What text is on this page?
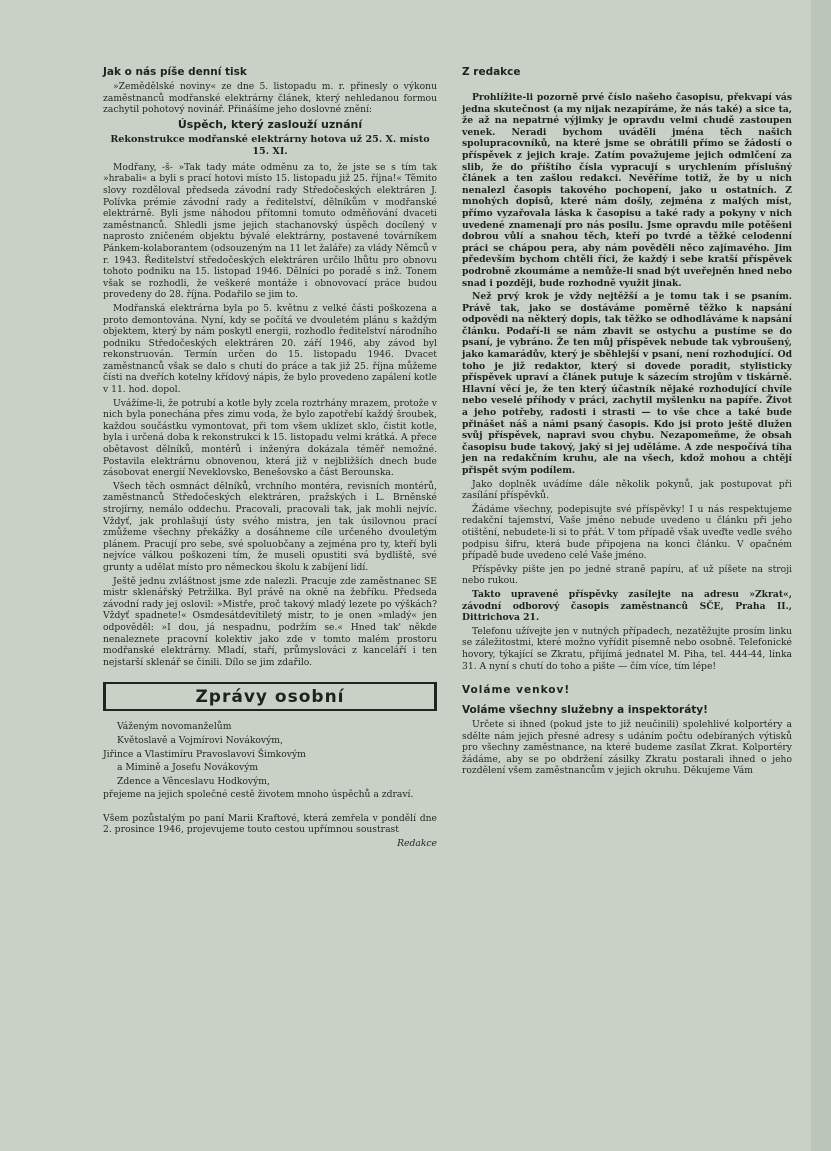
Jak o nás píše denní tisk

»Zemědělské noviny« ze dne 5. listopadu m. r. přinesly o výkonu zaměstnanců modřanské elektrárny článek, který nehledanou formou zachytil pohotový novinář. Přinášíme jeho doslovné znění:

Úspěch, který zaslouží uznání
Rekonstrukce modřanské elektrárny hotova už 25. X. místo 15. XI.

Modřany, -š- »Tak tady máte odměnu za to, že jste se s tím tak »hrabali« a byli s prací hotovi místo 15. listopadu již 25. října!« Těmito slovy rozděloval předseda závodní rady Středočeských elektráren J. Polívka prémie závodní rady a ředitelství, dělníkům v modřanské elektrárně. Byli jsme náhodou přítomni tomuto odměňování dvaceti zaměstnanců. Shledli jsme jejich stachanovský úspěch docílený v naprosto zničeném objektu bývalé elektrárny, postavené továrníkem Pánkem-kolaborantem (odsouzeným na 11 let žaláře) za vlády Němců v r. 1943. Ředitelství středočeských elektráren určilo lhůtu pro obnovu tohoto podniku na 15. listopad 1946. Dělníci po poradě s inž. Tonem však se rozhodli, že veškeré montáže i obnovovací práce budou provedeny do 28. října. Podařilo se jim to.

Modřanská elektrárna byla po 5. květnu z velké části poškozena a proto demontována. Nyní, kdy se počítá ve dvouletém plánu s každým objektem, který by nám poskytl energii, rozhodlo ředitelství národního podniku Středočeských elektráren 20. září 1946, aby závod byl rekonstruován. Termín určen do 15. listopadu 1946. Dvacet zaměstnanců však se dalo s chutí do práce a tak již 25. října můžeme čísti na dveřích kotelny křídový nápis, že bylo provedeno zapálení kotle v 11. hod. dopol.

Uvážíme-li, že potrubí a kotle byly zcela roztrhány mrazem, protože v nich byla ponechána přes zimu voda, že bylo zapotřebí každý šroubek, každou součástku vymontovat, při tom všem uklízet sklo, čistit kotle, byla i určená doba k rekonstrukci k 15. listopadu velmi krátká. A přece obětavost dělníků, montérů i inženýra dokázala téměř nemožné. Postavila elektrárnu obnovenou, která již v nejbližších dnech bude zásobovat energií Neveklovsko, Benešovsko a část Berounska.

Všech těch osmnáct dělníků, vrchního montéra, revisních montérů, zaměstnanců Středočeských elektráren, pražských i L. Brněnské strojírny, nemálo oddechu. Pracovali, pracovali tak, jak mohli nejvíc. Vždyť, jak prohlašují ústy svého mistra, jen tak úsilovnou prací zmůžeme všechny překážky a dosáhneme cíle určeného dvouletým plánem. Pracují pro sebe, své spoluobčany a zejména pro ty, kteří byli nejvíce válkou poškozeni tím, že museli opustiti svá bydliště, své grunty a udělat místo pro německou školu k zabíjení lidí.

Ještě jednu zvláštnost jsme zde nalezli. Pracuje zde zaměstnanec SE mistr sklenářský Petržilka. Byl právě na okně na žebříku. Předseda závodní rady jej oslovil: »Mistře, proč takový mladý lezete po výškách? Vždyť spadnete!« Osmdesátdevítiletý mistr, to je onen »mladý« jen odpověděl: »I dou, já nespadnu, podržím se.« Hned tak' někde nenaleznete pracovní kolektiv jako zde v tomto malém prostoru modřanské elektrárny. Mladí, staří, průmyslováci z kanceláří i ten nejstarší sklenář se činili. Dílo se jim zdařilo.

Zprávy osobní

Váženým novomanželům

Květoslavě a Vojmírovi Novákovým,

Jiřince a Vlastimíru Pravoslavovi Šimkovým

a Mimině a Josefu Novákovým

Zdence a Věnceslavu Hodkovým,

přejeme na jejich společné cestě životem mnoho úspěchů a zdraví.

Všem pozůstalým po paní Marii Kraftové, která zemřela v pondělí dne 2. prosince 1946, projevujeme touto cestou upřímnou soustrast

Redakce

Z redakce

Prohlížite-li pozorně prvé číslo našeho časopisu, překvapí vás jedna skutečnost (a my nijak nezapíráme, že nás také) a sice ta, že až na nepatrné výjimky je opravdu velmi chudě zastoupen venek. Neradi bychom uváděli jména těch našich spolupracovníků, na které jsme se obrátili přímo se žádostí o příspěvek z jejich kraje. Zatím považujeme jejich odmlčení za slib, že do příštího čísla vypracují s urychlením příslušný článek a ten zašlou redakci. Nevěříme totiž, že by u nich nenalezl časopis takového pochopení, jako u ostatních. Z mnohých dopisů, které nám došly, zejména z malých míst, přímo vyzařovala láska k časopisu a také rady a pokyny v nich uvedené znamenají pro nás posilu. Jsme opravdu mile potěšeni dobrou vůlí a snahou těch, kteří po tvrdé a těžké celodenní práci se chápou pera, aby nám pověděli něco zajímavého. Jim především bychom chtěli říci, že každý i sebe kratší příspěvek podrobně zkoumáme a nemůže-li snad být uveřejněn hned nebo snad i později, bude rozhodně využit jinak.

Než prvý krok je vždy nejtěžší a je tomu tak i se psaním. Právě tak, jako se dostáváme poměrně těžko k napsání odpovědi na některý dopis, tak těžko se odhodláváme k napsání článku. Podaří-li se nám zbavit se ostychu a pustíme se do psaní, je vybráno. Že ten můj příspěvek nebude tak vybroušený, jako kamarádův, který je sběhlejší v psaní, není rozhodující. Od toho je již redaktor, který si dovede poradit, stylisticky příspěvek upraví a článek putuje k sázecím strojům v tiskárně. Hlavní věcí je, že ten který účastník nějaké rozhodující chvíle nebo veselé příhody v práci, zachytil myšlenku na papíře. Život a jeho potřeby, radosti i strasti — to vše chce a také bude přinášet náš a námi psaný časopis. Kdo jsi proto ještě dlužen svůj příspěvek, napravi svou chybu. Nezapomeňme, že obsah časopisu bude takový, jaký si jej uděláme. A zde nespočívá tíha jen na redakčním kruhu, ale na všech, kdož mohou a chtějí přispět svým podílem.

Jako doplněk uvádíme dále několik pokynů, jak postupovat při zasílání příspěvků.

Žádáme všechny, podepisujte své příspěvky! I u nás respektujeme redakční tajemství, Vaše jméno nebude uvedeno u článku při jeho otištění, nebudete-li si to přát. V tom případě však uveďte vedle svého podpisu šifru, která bude připojena na konci článku. V opačném případě bude uvedeno celé Vaše jméno.

Příspěvky pište jen po jedné straně papíru, ať už píšete na stroji nebo rukou.

Takto upravené příspěvky zasílejte na adresu »Zkrat«, závodní odborový časopis zaměstnanců SČE, Praha II., Dittrichova 21.

Telefonu užívejte jen v nutných případech, nezatěžujte prosím linku se záležitostmi, které možno vyřídit písemně nebo osobně. Telefonické hovory, týkající se Zkratu, přijímá jednatel M. Piha, tel. 444-44, linka 31. A nyní s chutí do toho a pište — čím více, tím lépe!

Voláme venkov!
Voláme všechny služebny a inspektoráty!

Určete si ihned (pokud jste to již neučinili) spolehlivé kolportéry a sdělte nám jejich přesné adresy s udáním počtu odebíraných výtisků pro všechny zaměstnance, na které budeme zasílat Zkrat. Kolportéry žádáme, aby se po obdržení zásilky Zkratu postarali ihned o jeho rozdělení všem zaměstnancům v jejich okruhu. Děkujeme Vám
